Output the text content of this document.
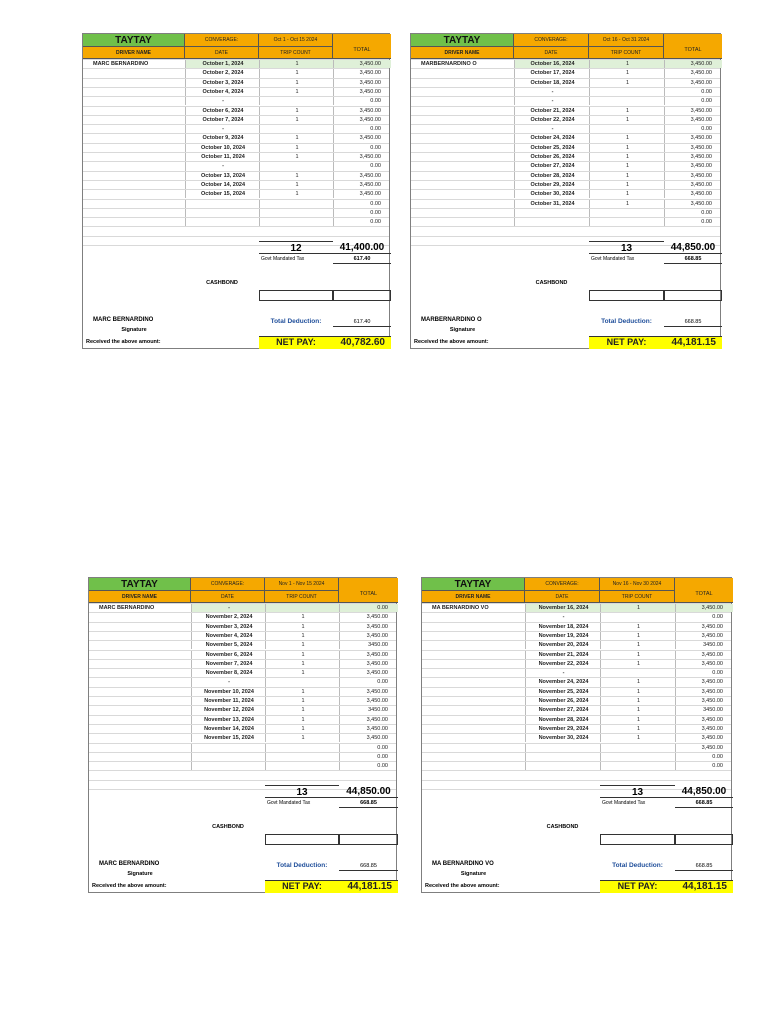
TAYTAY	CONVERAGE:	Oct 1 - Oct 15 2024
TOTAL
DRIVER NAME	DATE	TRIP COUNT
MARC BERNARDINO	October 1, 2024	1	3,450.00
October 2, 2024	1	3,450.00
October 3, 2024	1	3,450.00
October 4, 2024	1	3,450.00
-	0.00
October 6, 2024	1	3,450.00
October 7, 2024	1	3,450.00
-	0.00
October 9, 2024	1	3,450.00
October 10, 2024	1	0.00
October 11, 2024	1	3,450.00
-	0.00
October 13, 2024	1	3,450.00
October 14, 2024	1	3,450.00
October 15, 2024	1	3,450.00
0.00
0.00
0.00
12	41,400.00
Govt Mandated Tax	617.40
CASHBOND
MARC BERNARDINO
Signature
Total Deduction:	617.40
Received the above amount:	NET PAY:	40,782.60
TAYTAY	CONVERAGE:	Oct 16 - Oct 31 2024
TOTAL
DRIVER NAME	DATE	TRIP COUNT
MARBERNARDINO O	October 16, 2024	1	3,450.00
October 17, 2024	1	3,450.00
October 18, 2024	1	3,450.00
-	0.00
-	0.00
October 21, 2024	1	3,450.00
October 22, 2024	1	3,450.00
-	0.00
October 24, 2024	1	3,450.00
October 25, 2024	1	3,450.00
October 26, 2024	1	3,450.00
October 27, 2024	1	3,450.00
October 28, 2024	1	3,450.00
October 29, 2024	1	3,450.00
October 30, 2024	1	3,450.00
October 31, 2024	1	3,450.00
0.00
0.00
13	44,850.00
Govt Mandated Tax	668.85
CASHBOND
MARBERNARDINO O
Signature
Total Deduction:	668.85
Received the above amount:	NET PAY:	44,181.15
TAYTAY	CONVERAGE:	Nov 1 - Nov 15 2024
TOTAL
DRIVER NAME	DATE	TRIP COUNT
MARC BERNARDINO	-	0.00
November 2, 2024	1	3,450.00
November 3, 2024	1	3,450.00
November 4, 2024	1	3,450.00
November 5, 2024	1	3450.00
November 6, 2024	1	3,450.00
November 7, 2024	1	3,450.00
November 8, 2024	1	3,450.00
-	0.00
November 10, 2024	1	3,450.00
November 11, 2024	1	3,450.00
November 12, 2024	1	3450.00
November 13, 2024	1	3,450.00
November 14, 2024	1	3,450.00
November 15, 2024	1	3,450.00
0.00
0.00
0.00
13	44,850.00
Govt Mandated Tax	668.85
CASHBOND
MARC BERNARDINO
Signature
Total Deduction:	668.85
Received the above amount:	NET PAY:	44,181.15
TAYTAY	CONVERAGE:	Nov 16 - Nov 30 2024
TOTAL
DRIVER NAME	DATE	TRIP COUNT
MA BERNARDINO VO	November 16, 2024	1	3,450.00
-	0.00
November 18, 2024	1	3,450.00
November 19, 2024	1	3,450.00
November 20, 2024	1	3450.00
November 21, 2024	1	3,450.00
November 22, 2024	1	3,450.00
-	0.00
November 24, 2024	1	3,450.00
November 25, 2024	1	3,450.00
November 26, 2024	1	3,450.00
November 27, 2024	1	3450.00
November 28, 2024	1	3,450.00
November 29, 2024	1	3,450.00
November 30, 2024	1	3,450.00
3,450.00
0.00
0.00
13	44,850.00
Govt Mandated Tax	668.85
CASHBOND
MA BERNARDINO VO
Signature
Total Deduction:	668.85
Received the above amount:	NET PAY:	44,181.15
